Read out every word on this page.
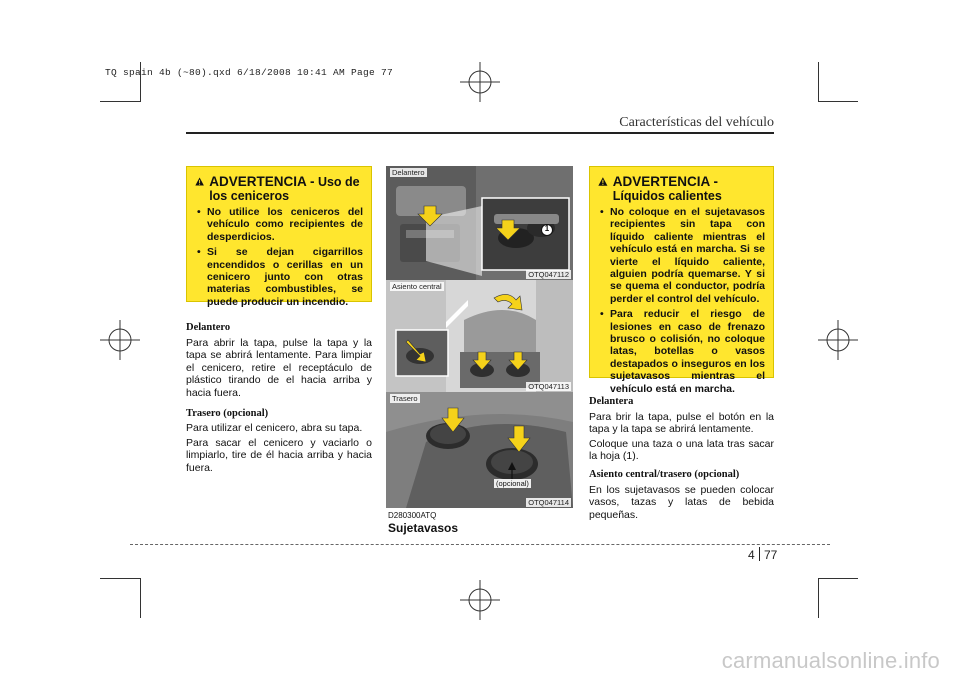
TQ spain 4b (~80).qxd 6/18/2008 10:41 AM Page 77
Características del vehículo
ADVERTENCIA - Uso de los ceniceros
• No utilice los ceniceros del vehículo como recipientes de desperdicios.
• Si se dejan cigarrillos encendidos o cerillas en un cenicero junto con otras materias combustibles, se puede producir un incendio.

Delantero

Para abrir la tapa, pulse la tapa y la tapa se abrirá lentamente. Para limpiar el cenicero, retire el receptáculo de plástico tirando de el hacia arriba y hacia fuera.

Trasero (opcional)

Para utilizar el cenicero, abra su tapa.

Para sacar el cenicero y vaciarlo o limpiarlo, tire de él hacia arriba y hacia fuera.

Delantero
1
OTQ047112
Asiento central
OTQ047113
Trasero
(opcional)
OTQ047114
D280300ATQ
Sujetavasos
ADVERTENCIA - Líquidos calientes
• No coloque en el sujetavasos recipientes sin tapa con líquido caliente mientras el vehículo está en marcha. Si se vierte el líquido caliente, alguien podría quemarse. Y si se quema el conductor, podría perder el control del vehículo.
• Para reducir el riesgo de lesiones en caso de frenazo brusco o colisión, no coloque latas, botellas o vasos destapados o inseguros en los sujetavasos mientras el vehículo está en marcha.

Delantera

Para brir la tapa, pulse el botón en la tapa y la tapa se abrirá lentamente.

Coloque una taza o una lata tras sacar la hoja (1).

Asiento central/trasero (opcional)

En los sujetavasos se pueden colocar vasos, tazas y latas de bebida pequeñas.

4 77
carmanualsonline.info
